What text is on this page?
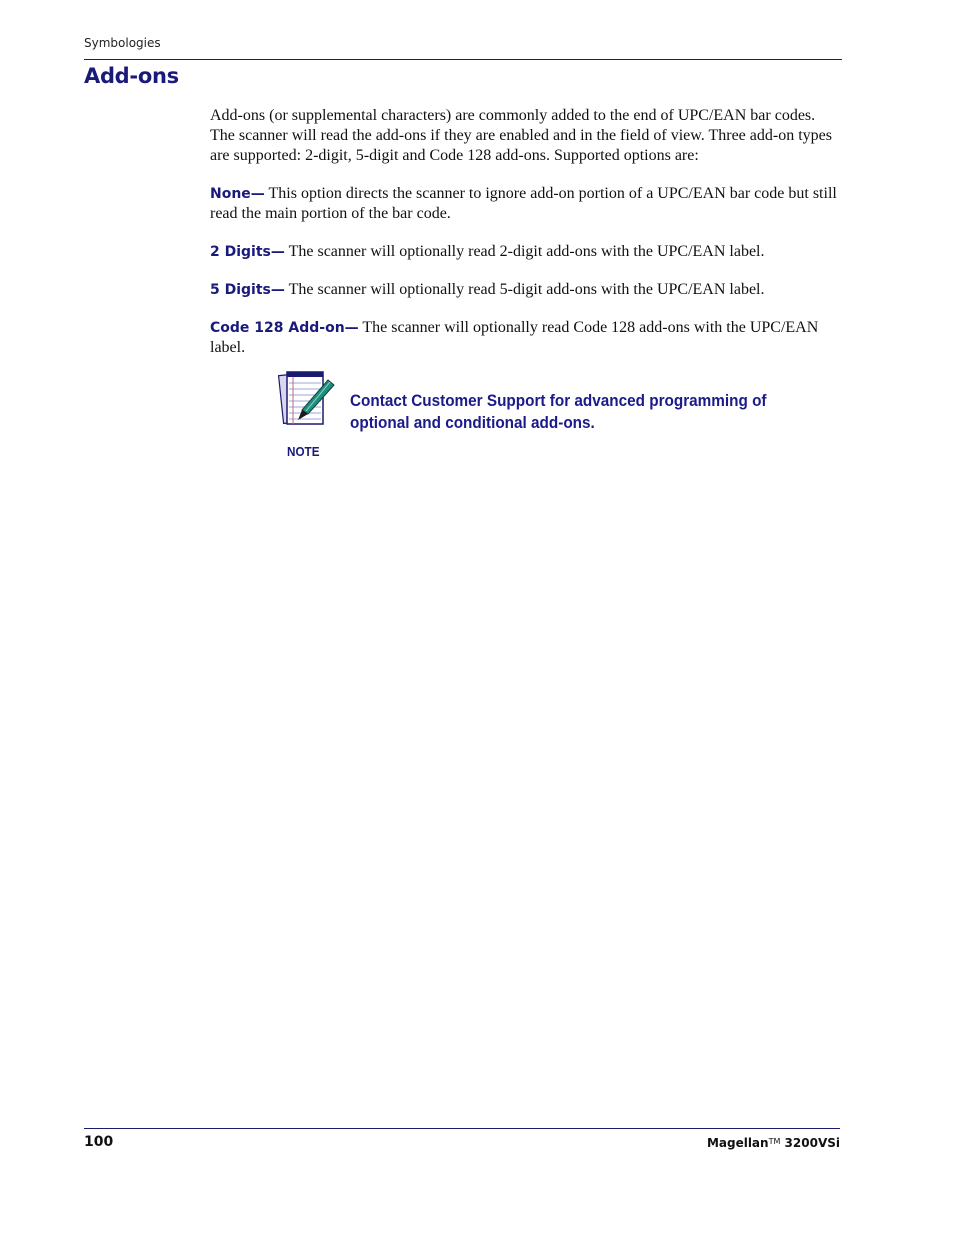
Symbologies
Add-ons

Add-ons (or supplemental characters) are commonly added to the end of UPC/EAN bar codes. The scanner will read the add-ons if they are enabled and in the field of view. Three add-on types are supported: 2-digit, 5-digit and Code 128 add-ons. Supported options are:

None— This option directs the scanner to ignore add-on portion of a UPC/EAN bar code but still read the main portion of the bar code.

2 Digits— The scanner will optionally read 2-digit add-ons with the UPC/EAN label.

5 Digits— The scanner will optionally read 5-digit add-ons with the UPC/EAN label.

Code 128 Add-on— The scanner will optionally read Code 128 add-ons with the UPC/EAN label.

NOTE
Contact Customer Support for advanced programming of optional and conditional add-ons.
100	Magellan™ 3200VSi
